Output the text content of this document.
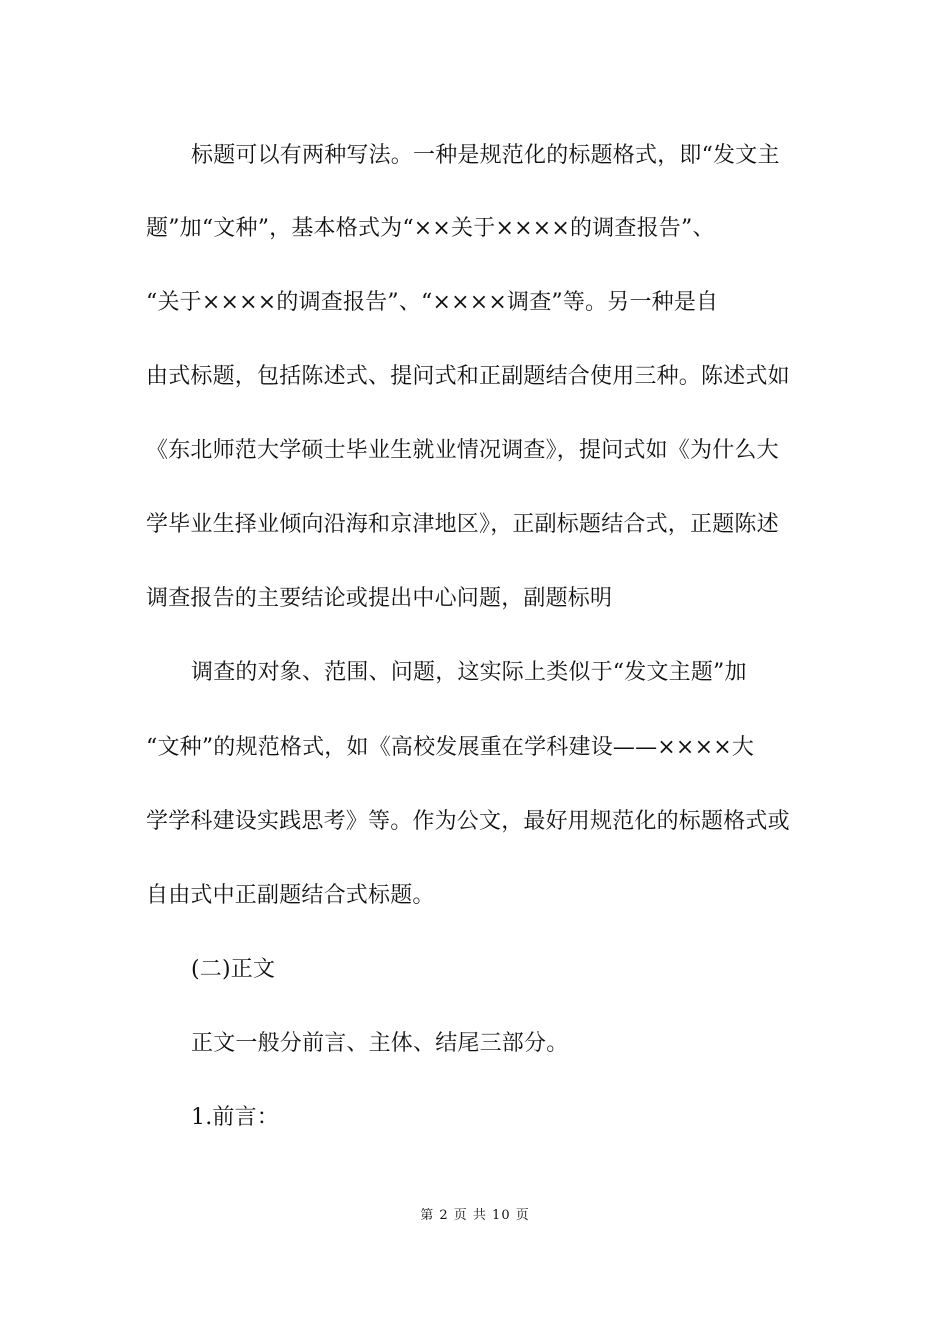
标题可以有两种写法。一种是规范化的标题格式，即“发文主
题”加“文种”，基本格式为“××关于××××的调查报告”、
“关于××××的调查报告”、“××××调查”等。另一种是自
由式标题，包括陈述式、提问式和正副题结合使用三种。陈述式如
《东北师范大学硕士毕业生就业情况调查》，提问式如《为什么大
学毕业生择业倾向沿海和京津地区》，正副标题结合式，正题陈述
调查报告的主要结论或提出中心问题，副题标明
调查的对象、范围、问题，这实际上类似于“发文主题”加
“文种”的规范格式，如《高校发展重在学科建设——××××大
学学科建设实践思考》等。作为公文，最好用规范化的标题格式或
自由式中正副题结合式标题。
(二)正文
正文一般分前言、主体、结尾三部分。
1.前言：
第 2 页 共 10 页
